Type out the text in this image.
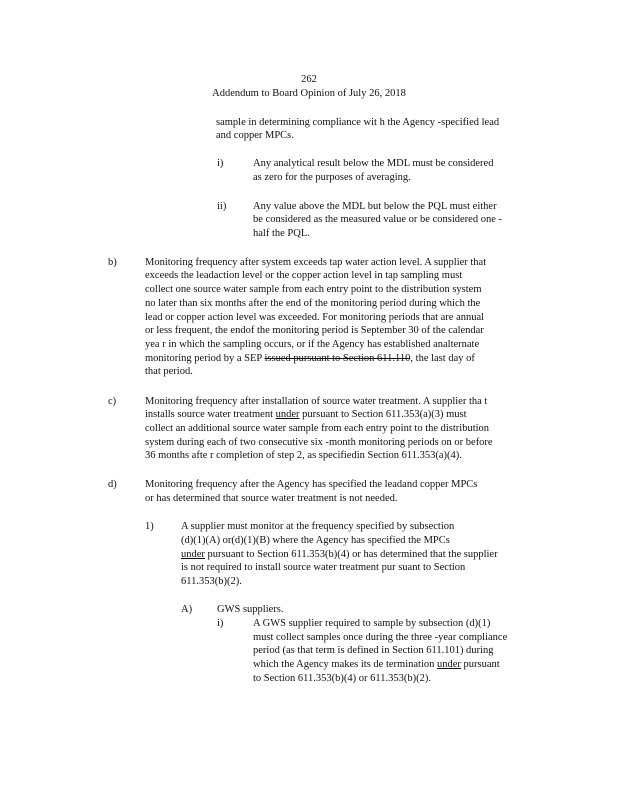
262
Addendum to Board Opinion of July 26, 2018
sample in determining compliance wit h the Agency -specified lead
and copper MPCs.
i)	Any analytical result below the MDL must be considered
as zero for the purposes of averaging.
ii)	Any value above the MDL but below the PQL must either
be considered as the measured value or be considered one -
half the PQL.
b)	Monitoring frequency after system exceeds tap water action level. A supplier that
exceeds the leadaction level or the copper action level in tap sampling must
collect one source water sample from each entry point to the distribution system
no later than six months after the end of the monitoring period during which the
lead or copper action level was exceeded. For monitoring periods that are annual
or less frequent, the endof the monitoring period is September 30 of the calendar
yea r in which the sampling occurs, or if the Agency has established analternate
monitoring period by a SEP issued pursuant to Section 611.110, the last day of
that period.
c)	Monitoring frequency after installation of source water treatment. A supplier tha t
installs source water treatment under pursuant to Section 611.353(a)(3) must
collect an additional source water sample from each entry point to the distribution
system during each of two consecutive six -month monitoring periods on or before
36 months afte r completion of step 2, as specifiedin Section 611.353(a)(4).
d)	Monitoring frequency after the Agency has specified the leadand copper MPCs
or has determined that source water treatment is not needed.
1)	A supplier must monitor at the frequency specified by subsection
(d)(1)(A) or(d)(1)(B) where the Agency has specified the MPCs
under pursuant to Section 611.353(b)(4) or has determined that the supplier
is not required to install source water treatment pur suant to Section
611.353(b)(2).
A) GWS suppliers.
i)	A GWS supplier required to sample by subsection (d)(1)
must collect samples once during the three -year compliance
period (as that term is defined in Section 611.101) during
which the Agency makes its de termination under pursuant
to Section 611.353(b)(4) or 611.353(b)(2).
